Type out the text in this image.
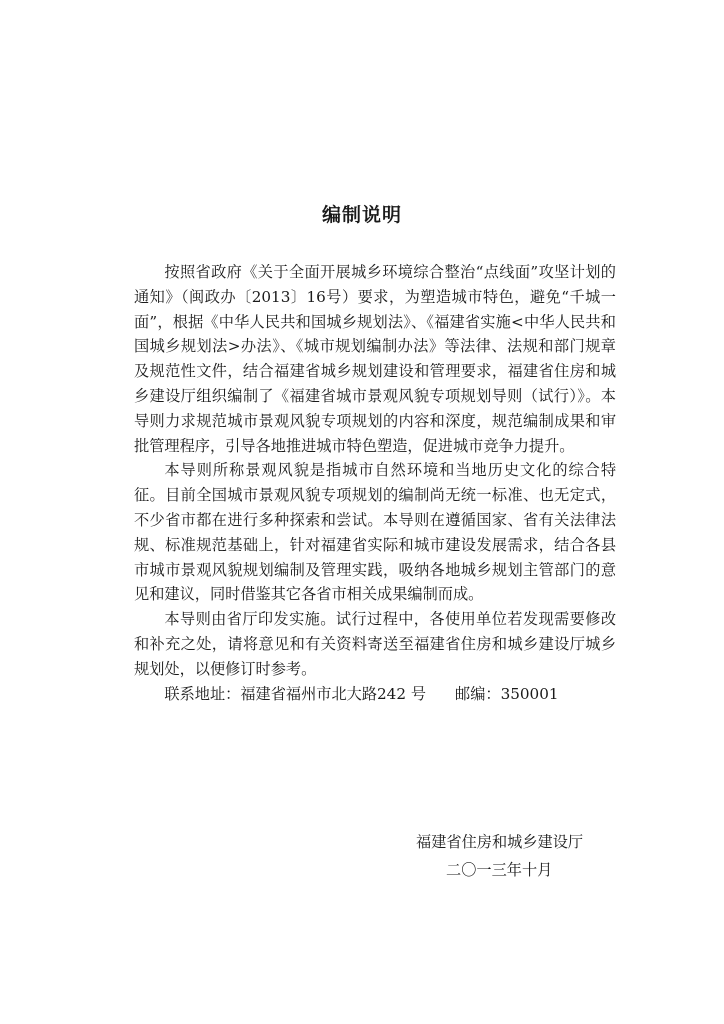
编制说明

按照省政府《关于全面开展城乡环境综合整治“点线面”攻坚计划的通知》（闽政办〔2013〕16号）要求，为塑造城市特色，避免“千城一面”，根据《中华人民共和国城乡规划法》、《福建省实施<中华人民共和国城乡规划法>办法》、《城市规划编制办法》等法律、法规和部门规章及规范性文件，结合福建省城乡规划建设和管理要求，福建省住房和城乡建设厅组织编制了《福建省城市景观风貌专项规划导则（试行）》。本导则力求规范城市景观风貌专项规划的内容和深度，规范编制成果和审批管理程序，引导各地推进城市特色塑造，促进城市竞争力提升。

本导则所称景观风貌是指城市自然环境和当地历史文化的综合特征。目前全国城市景观风貌专项规划的编制尚无统一标准、也无定式，不少省市都在进行多种探索和尝试。本导则在遵循国家、省有关法律法规、标准规范基础上，针对福建省实际和城市建设发展需求，结合各县市城市景观风貌规划编制及管理实践，吸纳各地城乡规划主管部门的意见和建议，同时借鉴其它各省市相关成果编制而成。

本导则由省厅印发实施。试行过程中，各使用单位若发现需要修改和补充之处，请将意见和有关资料寄送至福建省住房和城乡建设厅城乡规划处，以便修订时参考。

联系地址：福建省福州市北大路242 号 邮编：350001

福建省住房和城乡建设厅
二〇一三年十月
